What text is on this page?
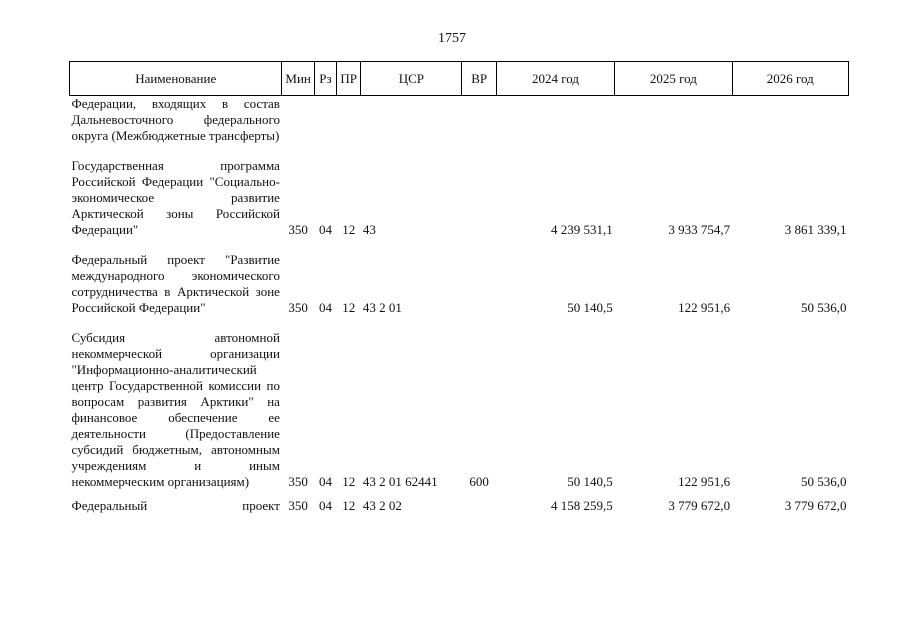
1757
Наименование	Мин	Рз	ПР	ЦСР	ВР	2024 год	2025 год	2026 год
Федерации, входящих в состав Дальневосточного федерального округа (Межбюджетные трансферты)								

Государственная программа Российской Федерации "Социально-экономическое развитие Арктической зоны Российской Федерации"	350	04	12	43		4 239 531,1	3 933 754,7	3 861 339,1

Федеральный проект "Развитие международного экономического сотрудничества в Арктической зоне Российской Федерации"	350	04	12	43 2 01		50 140,5	122 951,6	50 536,0

Субсидия автономной некоммерческой организации "Информационно-аналитический центр Государственной комиссии по вопросам развития Арктики" на финансовое обеспечение ее деятельности (Предоставление субсидий бюджетным, автономным учреждениям и иным некоммерческим организациям)	350	04	12	43 2 01 62441	600	50 140,5	122 951,6	50 536,0

Федеральный проект	350	04	12	43 2 02		4 158 259,5	3 779 672,0	3 779 672,0
